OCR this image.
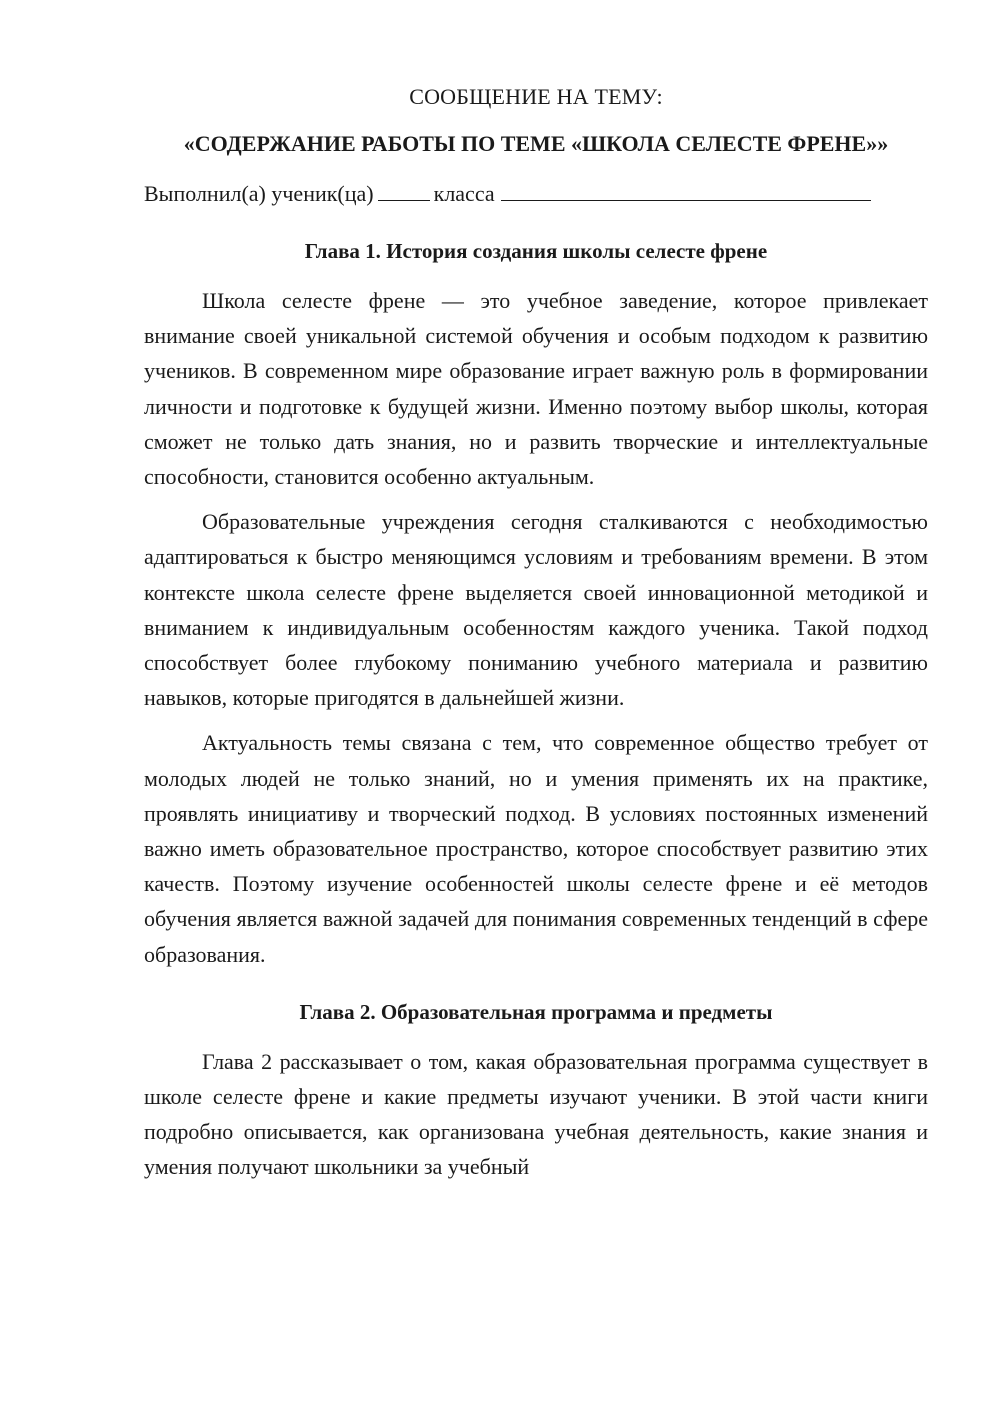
СООБЩЕНИЕ НА ТЕМУ:
«СОДЕРЖАНИЕ РАБОТЫ ПО ТЕМЕ «ШКОЛА СЕЛЕСТЕ ФРЕНЕ»»
Выполнил(а) ученик(ца)	класса
Глава 1. История создания школы селесте френе

Школа селесте френе — это учебное заведение, которое привлекает внимание своей уникальной системой обучения и особым подходом к развитию учеников. В современном мире образование играет важную роль в формировании личности и подготовке к будущей жизни. Именно поэтому выбор школы, которая сможет не только дать знания, но и развить творческие и интеллектуальные способности, становится особенно актуальным.

Образовательные учреждения сегодня сталкиваются с необходимостью адаптироваться к быстро меняющимся условиям и требованиям времени. В этом контексте школа селесте френе выделяется своей инновационной методикой и вниманием к индивидуальным особенностям каждого ученика. Такой подход способствует более глубокому пониманию учебного материала и развитию навыков, которые пригодятся в дальнейшей жизни.

Актуальность темы связана с тем, что современное общество требует от молодых людей не только знаний, но и умения применять их на практике, проявлять инициативу и творческий подход. В условиях постоянных изменений важно иметь образовательное пространство, которое способствует развитию этих качеств. Поэтому изучение особенностей школы селесте френе и её методов обучения является важной задачей для понимания современных тенденций в сфере образования.

Глава 2. Образовательная программа и предметы

Глава 2 рассказывает о том, какая образовательная программа существует в школе селесте френе и какие предметы изучают ученики. В этой части книги подробно описывается, как организована учебная деятельность, какие знания и умения получают школьники за учебный
